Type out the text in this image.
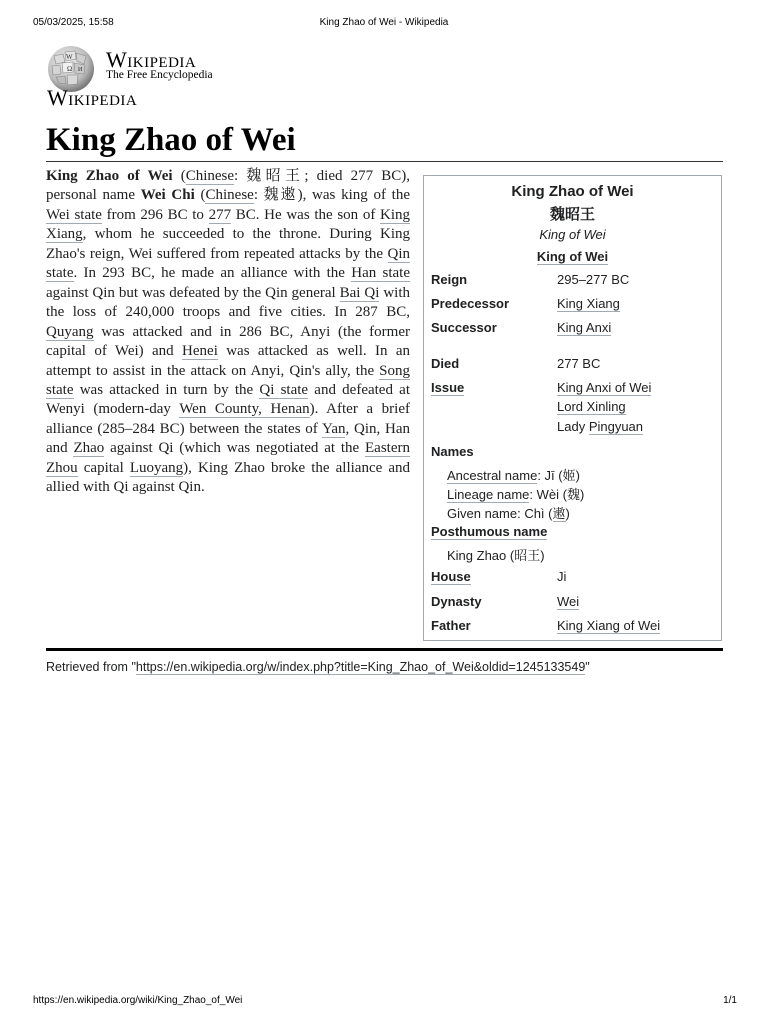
05/03/2025, 15:58	King Zhao of Wei - Wikipedia
W
Ω И Wikipedia
The Free Encyclopedia
Wikipedia
King Zhao of Wei

King Zhao of Wei (Chinese: 魏昭王; died 277 BC), personal name Wei Chi (Chinese: 魏遫), was king of the Wei state from 296 BC to 277 BC. He was the son of King Xiang, whom he succeeded to the throne. During King Zhao's reign, Wei suffered from repeated attacks by the Qin state. In 293 BC, he made an alliance with the Han state against Qin but was defeated by the Qin general Bai Qi with the loss of 240,000 troops and five cities. In 287 BC, Quyang was attacked and in 286 BC, Anyi (the former capital of Wei) and Henei was attacked as well. In an attempt to assist in the attack on Anyi, Qin's ally, the Song state was attacked in turn by the Qi state and defeated at Wenyi (modern-day Wen County, Henan). After a brief alliance (285–284 BC) between the states of Yan, Qin, Han and Zhao against Qi (which was negotiated at the Eastern Zhou capital Luoyang), King Zhao broke the alliance and allied with Qi against Qin.

King Zhao of Wei
魏昭王
King of Wei
King of Wei
Reign	295–277 BC
Predecessor	King Xiang
Successor	King Anxi
Died	277 BC
Issue	King Anxi of Wei
Lord Xinling
Lady Pingyuan
Names
Ancestral name: Jī (姬)
Lineage name: Wèi (魏)
Given name: Chì (遫)
Posthumous name
King Zhao (昭王)
House	Ji
Dynasty	Wei
Father	King Xiang of Wei
Retrieved from "https://en.wikipedia.org/w/index.php?title=King_Zhao_of_Wei&oldid=1245133549"
https://en.wikipedia.org/wiki/King_Zhao_of_Wei	1/1
